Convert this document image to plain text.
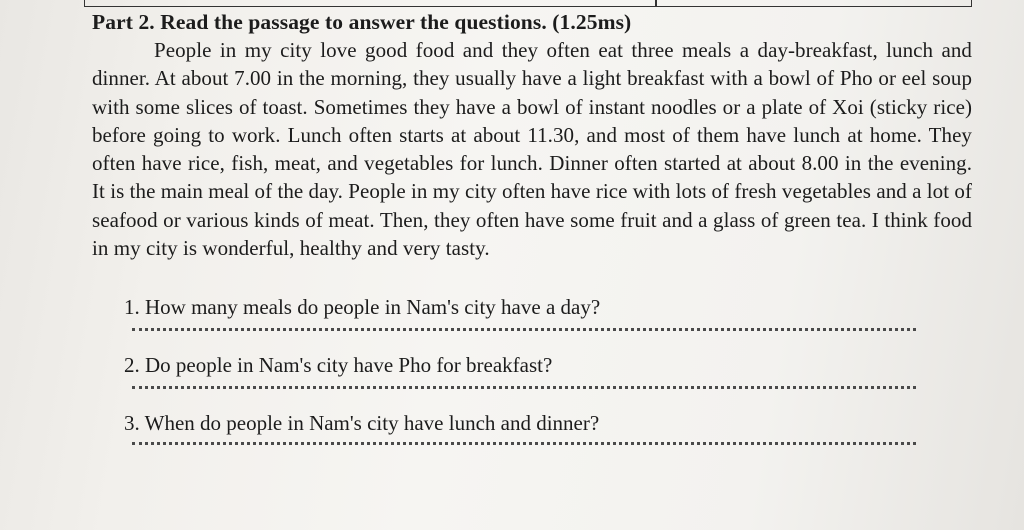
Part 2. Read the passage to answer the questions. (1.25ms)

People in my city love good food and they often eat three meals a day-breakfast, lunch and dinner. At about 7.00 in the morning, they usually have a light breakfast with a bowl of Pho or eel soup with some slices of toast. Sometimes they have a bowl of instant noodles or a plate of Xoi (sticky rice) before going to work. Lunch often starts at about 11.30, and most of them have lunch at home. They often have rice, fish, meat, and vegetables for lunch. Dinner often started at about 8.00 in the evening. It is the main meal of the day. People in my city often have rice with lots of fresh vegetables and a lot of seafood or various kinds of meat. Then, they often have some fruit and a glass of green tea. I think food in my city is wonderful, healthy and very tasty.

1. How many meals do people in Nam's city have a day?
2. Do people in Nam's city have Pho for breakfast?
3. When do people in Nam's city have lunch and dinner?
